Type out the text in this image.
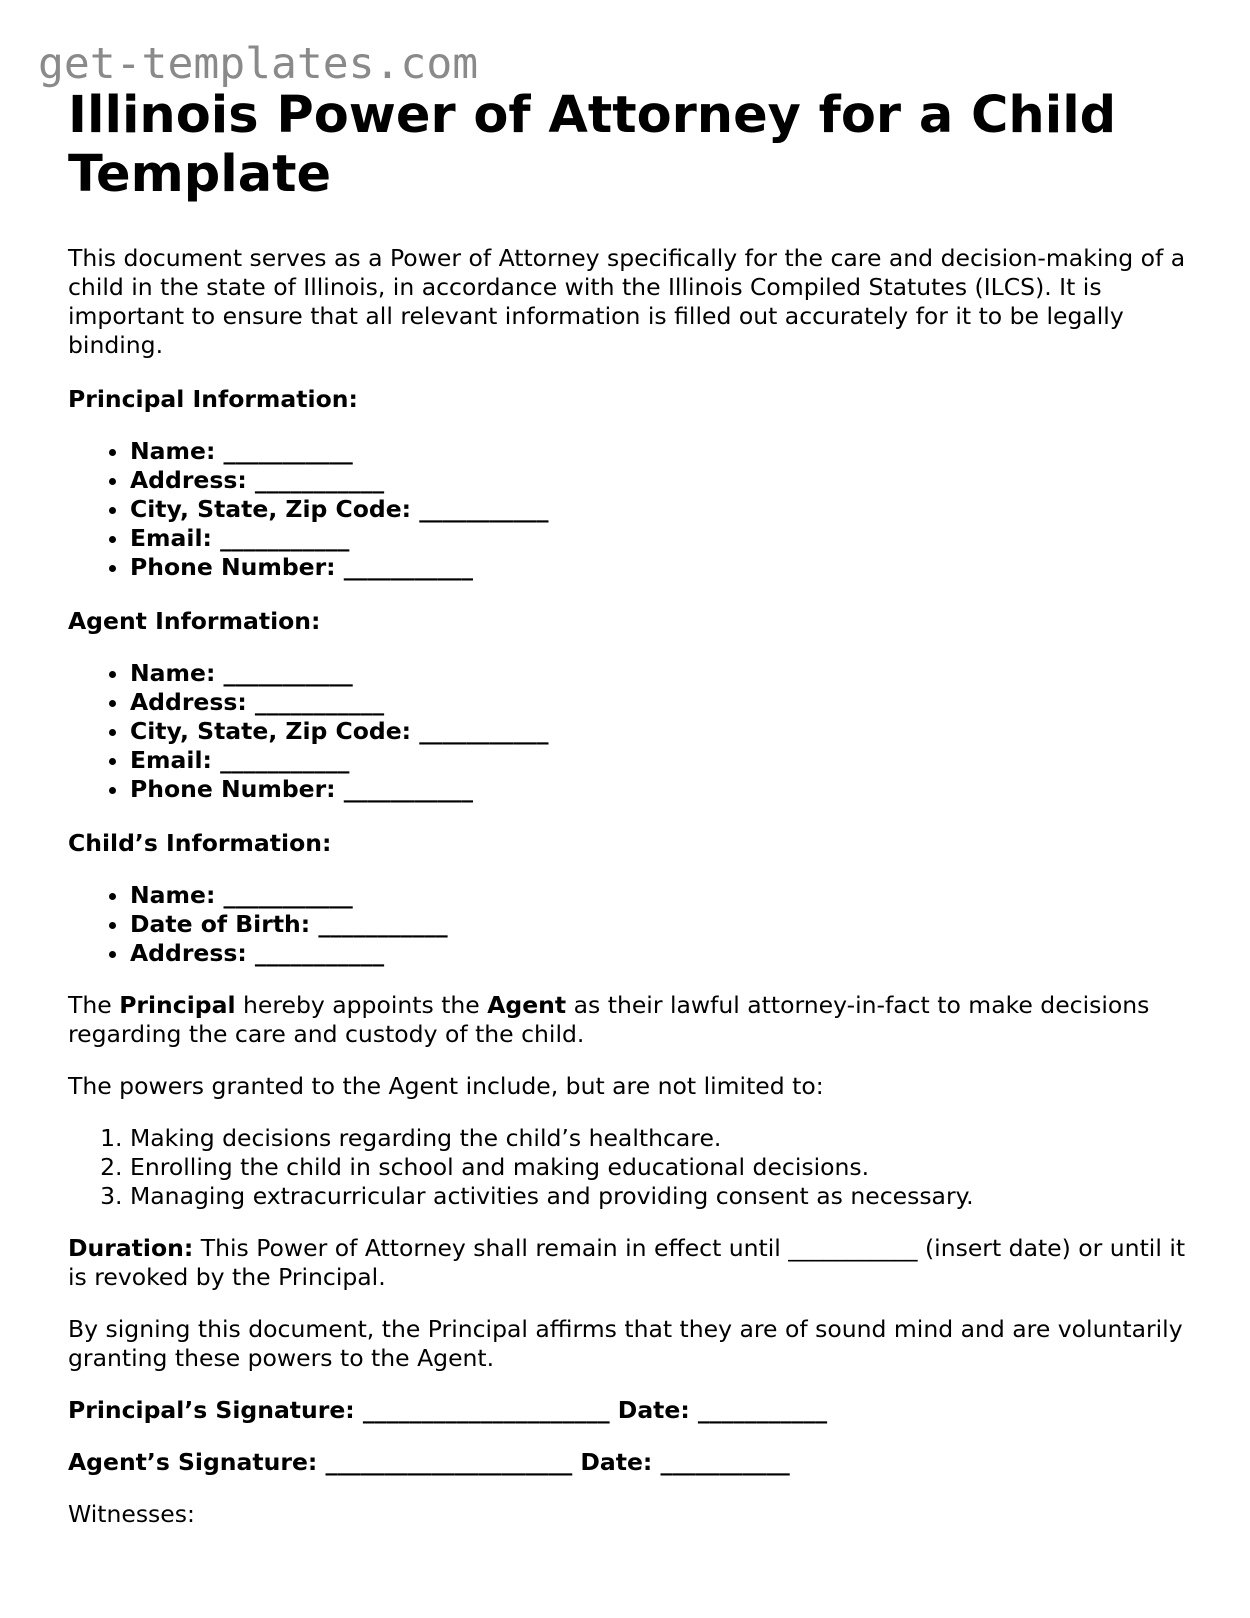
get-templates.com
Illinois Power of Attorney for a Child Template

This document serves as a Power of Attorney specifically for the care and decision-making of a child in the state of Illinois, in accordance with the Illinois Compiled Statutes (ILCS). It is important to ensure that all relevant information is filled out accurately for it to be legally binding.

Principal Information:

• Name: ___________
• Address: ___________
• City, State, Zip Code: ___________
• Email: ___________
• Phone Number: ___________

Agent Information:

• Name: ___________
• Address: ___________
• City, State, Zip Code: ___________
• Email: ___________
• Phone Number: ___________

Child’s Information:

• Name: ___________
• Date of Birth: ___________
• Address: ___________

The Principal hereby appoints the Agent as their lawful attorney-in-fact to make decisions regarding the care and custody of the child.

The powers granted to the Agent include, but are not limited to:

1. Making decisions regarding the child’s healthcare.
2. Enrolling the child in school and making educational decisions.
3. Managing extracurricular activities and providing consent as necessary.

Duration: This Power of Attorney shall remain in effect until ___________ (insert date) or until it is revoked by the Principal.

By signing this document, the Principal affirms that they are of sound mind and are voluntarily granting these powers to the Agent.

Principal’s Signature: _____________________ Date: ___________

Agent’s Signature: _____________________ Date: ___________

Witnesses:
